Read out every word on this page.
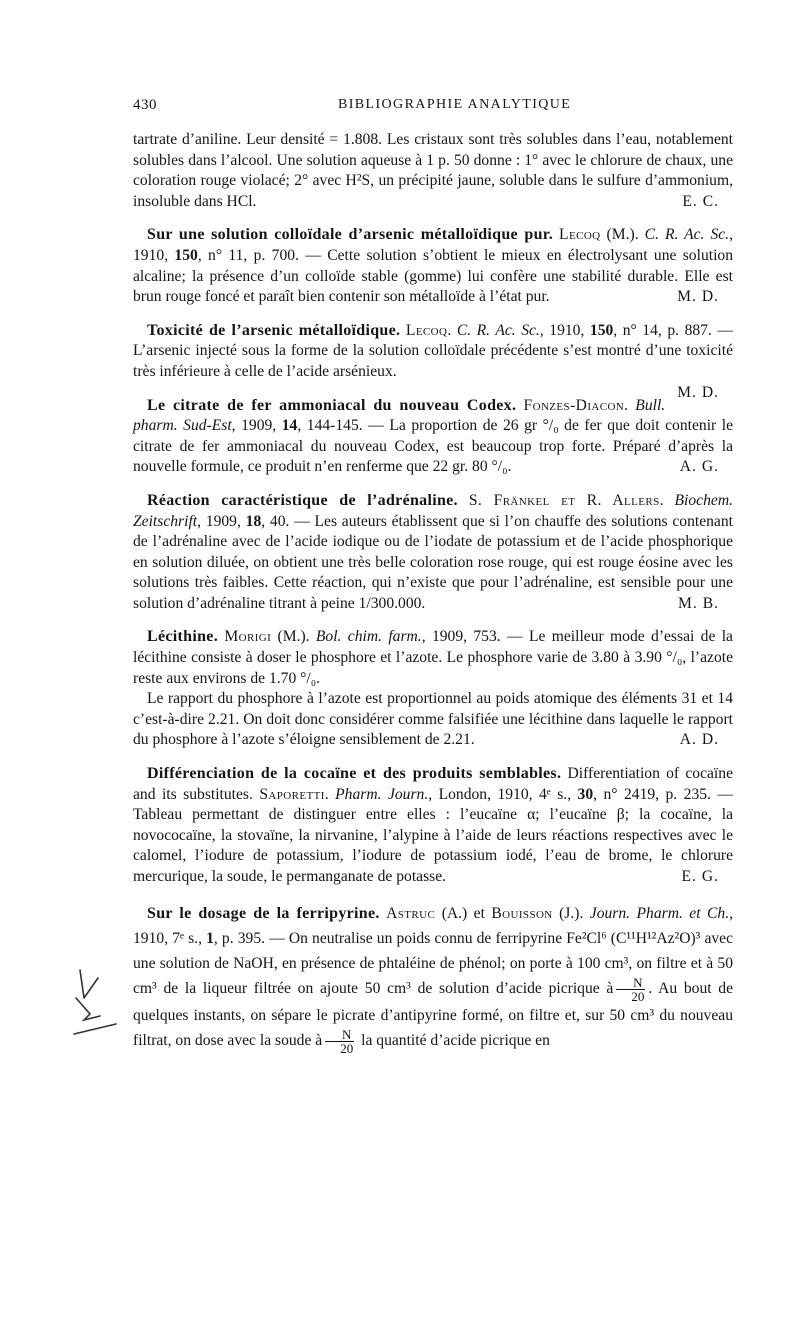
430	BIBLIOGRAPHIE ANALYTIQUE

tartrate d’aniline. Leur densité = 1.808. Les cristaux sont très solubles dans l’eau, notablement solubles dans l’alcool. Une solution aqueuse à 1 p. 50 donne : 1° avec le chlorure de chaux, une coloration rouge violacé; 2° avec H²S, un précipité jaune, soluble dans le sulfure d’ammonium, insoluble dans HCl.	E. C.

Sur une solution colloïdale d’arsenic métalloïdique pur. Lecoq (M.). C. R. Ac. Sc., 1910, 150, n° 11, p. 700. — Cette solution s’obtient le mieux en électrolysant une solution alcaline; la présence d’un colloïde stable (gomme) lui confère une stabilité durable. Elle est brun rouge foncé et paraît bien contenir son métalloïde à l’état pur.	M. D.

Toxicité de l’arsenic métalloïdique. Lecoq. C. R. Ac. Sc., 1910, 150, n° 14, p. 887. — L’arsenic injecté sous la forme de la solution colloïdale précédente s’est montré d’une toxicité très inférieure à celle de l’acide arsénieux.

M. D.

Le citrate de fer ammoniacal du nouveau Codex. Fonzes-Diacon. Bull. pharm. Sud-Est, 1909, 14, 144-145. — La proportion de 26 gr °/₀ de fer que doit contenir le citrate de fer ammoniacal du nouveau Codex, est beaucoup trop forte. Préparé d’après la nouvelle formule, ce produit n’en renferme que 22 gr. 80 °/₀.	A. G.

Réaction caractéristique de l’adrénaline. S. Fränkel et R. Allers. Biochem. Zeitschrift, 1909, 18, 40. — Les auteurs établissent que si l’on chauffe des solutions contenant de l’adrénaline avec de l’acide iodique ou de l’iodate de potassium et de l’acide phosphorique en solution diluée, on obtient une très belle coloration rose rouge, qui est rouge éosine avec les solutions très faibles. Cette réaction, qui n’existe que pour l’adrénaline, est sensible pour une solution d’adrénaline titrant à peine 1/300.000.	M. B.

Lécithine. Morigi (M.). Bol. chim. farm., 1909, 753. — Le meilleur mode d’essai de la lécithine consiste à doser le phosphore et l’azote. Le phosphore varie de 3.80 à 3.90 °/₀, l’azote reste aux environs de 1.70 °/₀.

Le rapport du phosphore à l’azote est proportionnel au poids atomique des éléments 31 et 14 c’est-à-dire 2.21. On doit donc considérer comme falsifiée une lécithine dans laquelle le rapport du phosphore à l’azote s’éloigne sensiblement de 2.21.	A. D.

Différenciation de la cocaïne et des produits semblables. Differentiation of cocaïne and its substitutes. Saporetti. Pharm. Journ., London, 1910, 4ᵉ s., 30, n° 2419, p. 235. — Tableau permettant de distinguer entre elles : l’eucaïne α; l’eucaïne β; la cocaïne, la novococaïne, la stovaïne, la nirvanine, l’alypine à l’aide de leurs réactions respectives avec le calomel, l’iodure de potassium, l’iodure de potassium iodé, l’eau de brome, le chlorure mercurique, la soude, le permanganate de potasse.	E. G.

Sur le dosage de la ferripyrine. Astruc (A.) et Bouisson (J.). Journ. Pharm. et Ch., 1910, 7ᵉ s., 1, p. 395. — On neutralise un poids connu de ferripyrine Fe²Cl⁶ (C¹¹H¹²Az²O)³ avec une solution de NaOH, en présence de phtaléine de phénol; on porte à 100 cm³, on filtre et à 50 cm³ de la liqueur filtrée on ajoute 50 cm³ de solution d’acide picrique à $\frac{N}{20}$ . Au bout de quelques instants, on sépare le picrate d’antipyrine formé, on filtre et, sur 50 cm³ du nouveau filtrat, on dose avec la soude à $\frac{N}{20}$ la quantité d’acide picrique en
